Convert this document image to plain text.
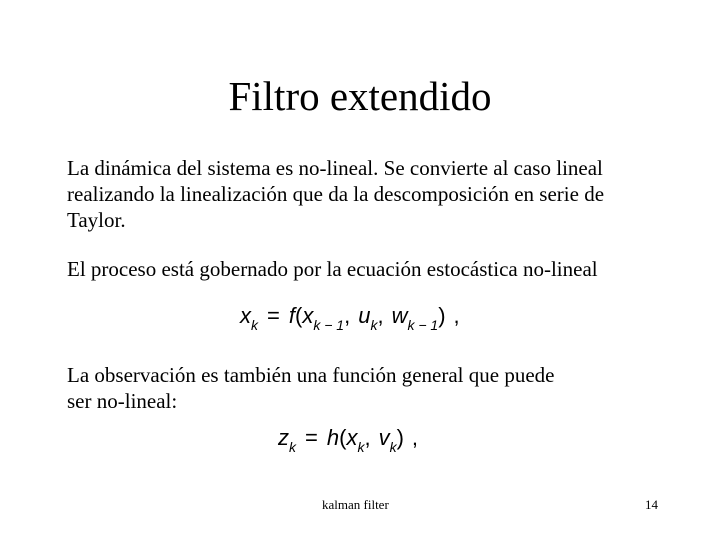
Filtro extendido

La dinámica del sistema es no-lineal. Se convierte al caso lineal
realizando la linealización que da la descomposición en serie de
Taylor.

El proceso está gobernado por la ecuación estocástica no-lineal

$x_k = f(x_{k - 1}$, $u_k$, $w_{k - 1}$) ,

La observación es también una función general que puede
ser no-lineal:

$z_k = h(x_k$, $v_k$) ,
kalman filter	14
